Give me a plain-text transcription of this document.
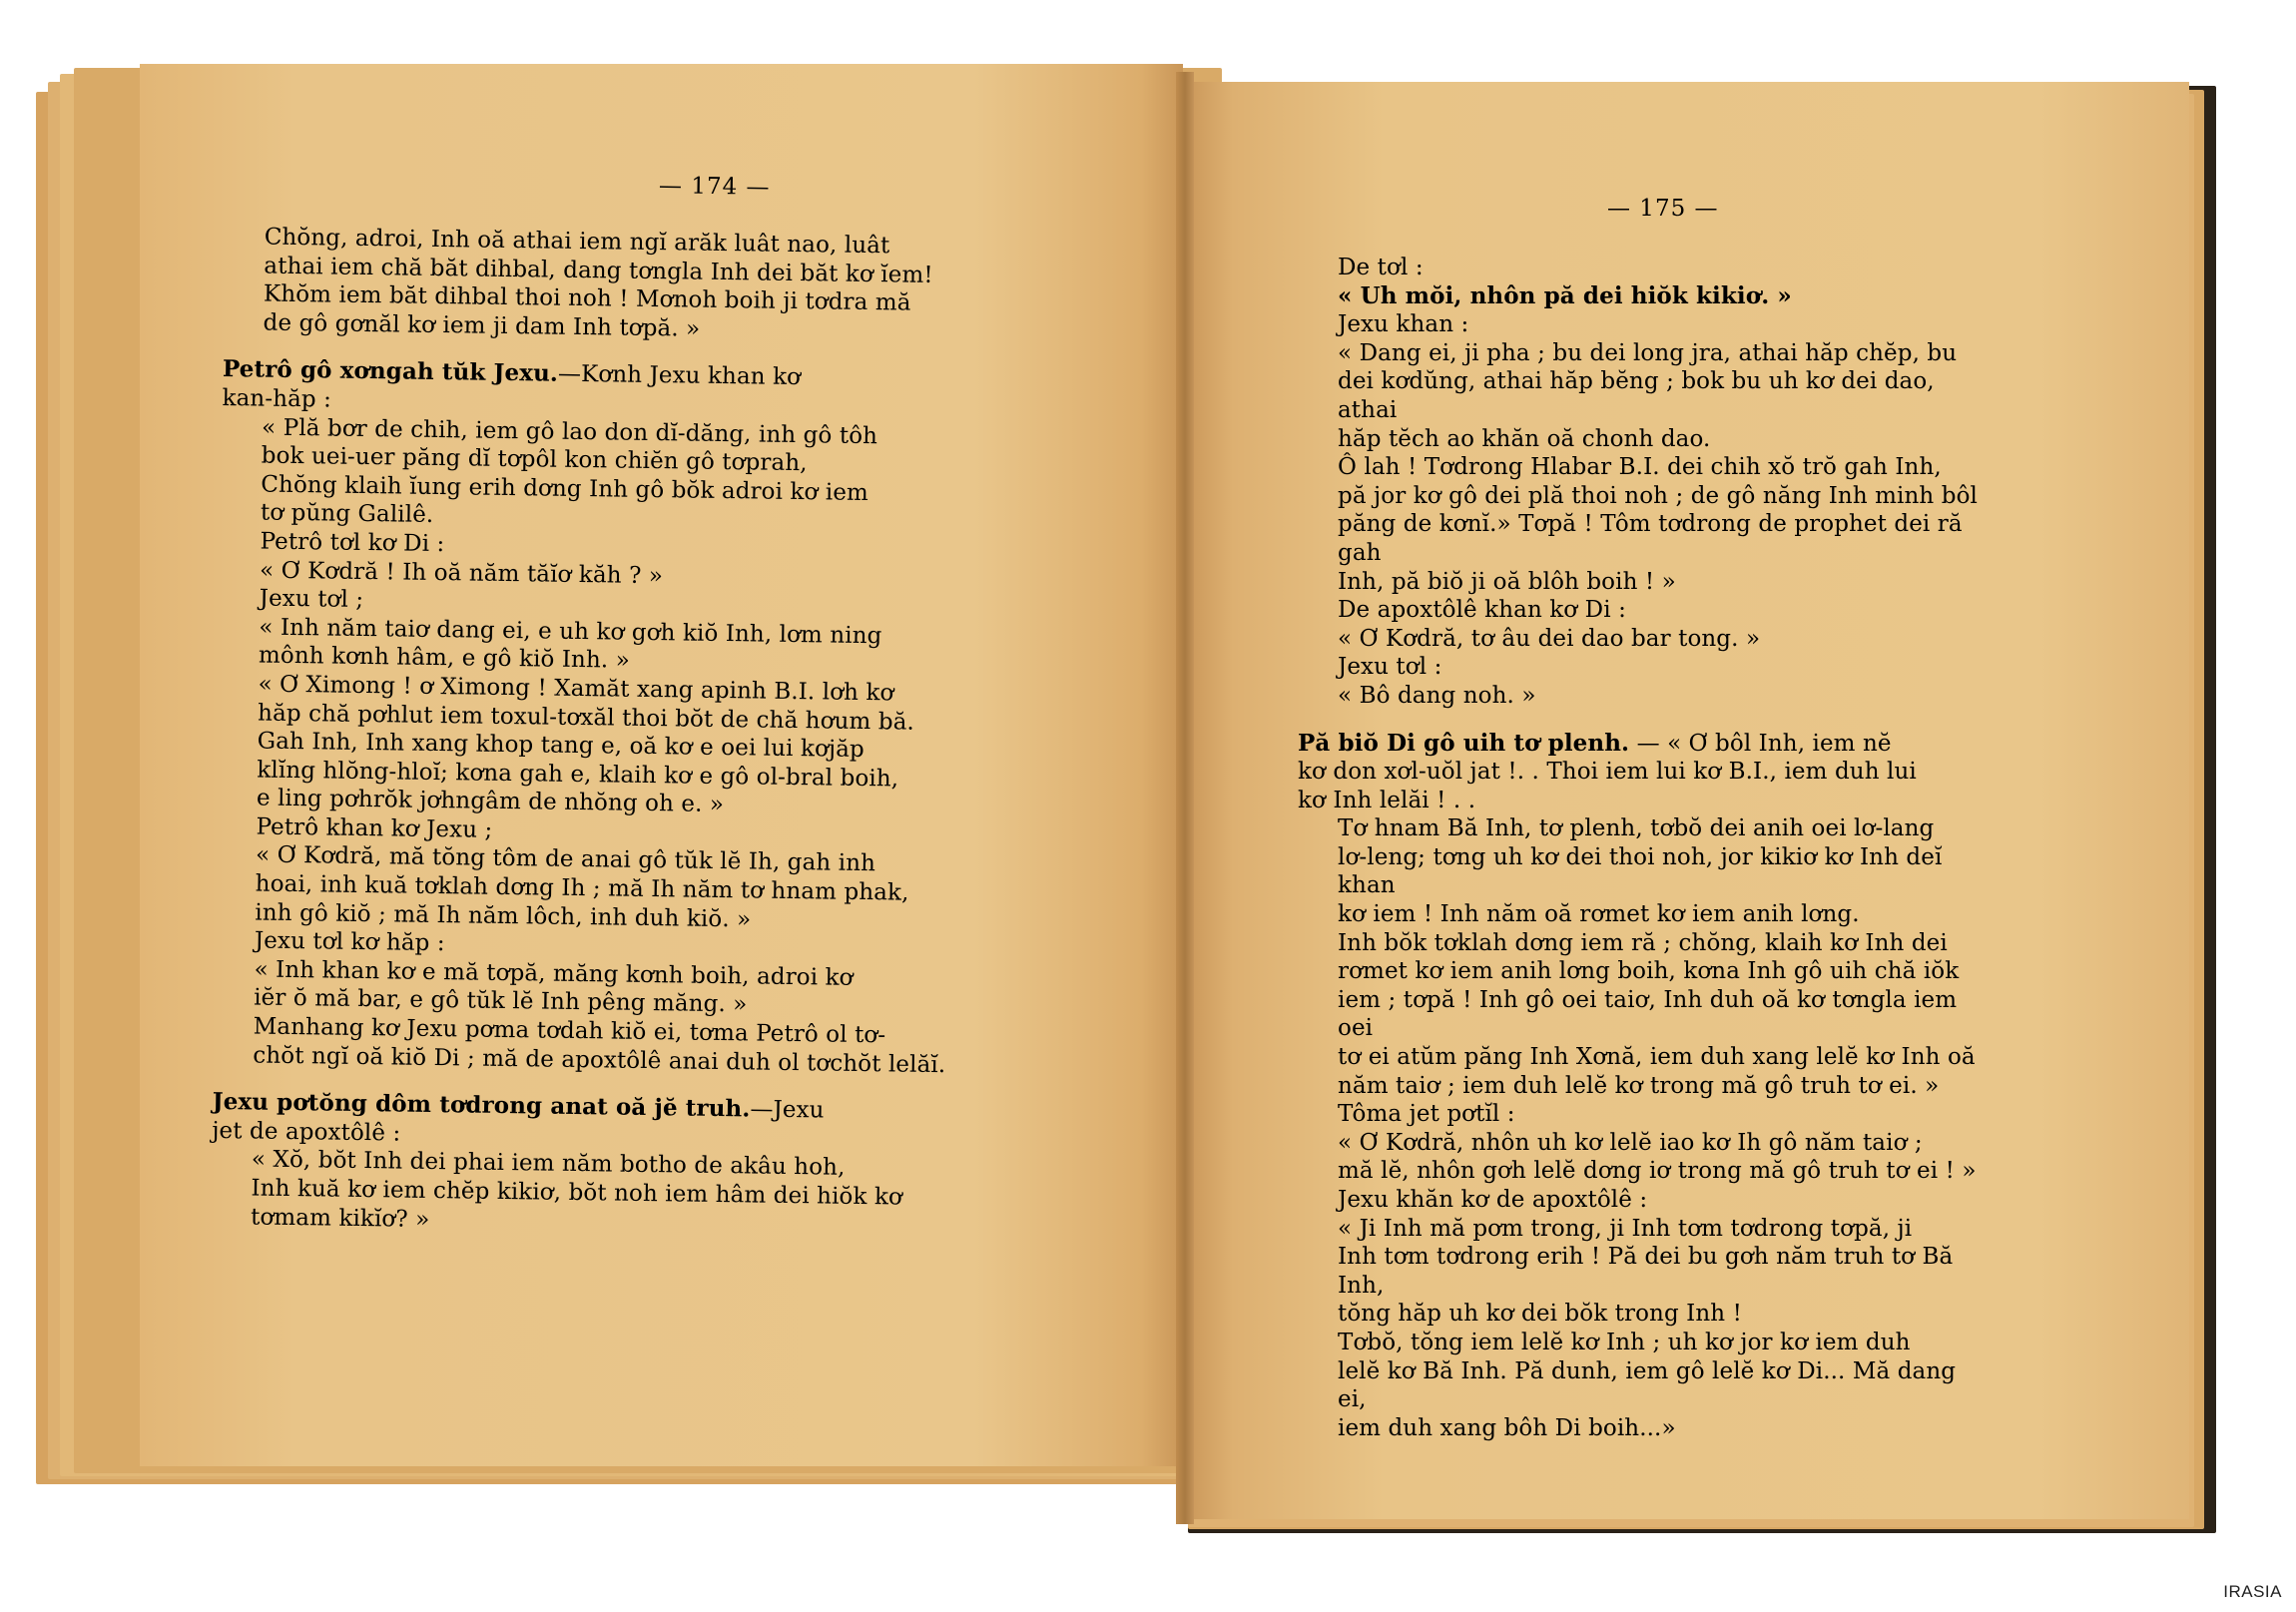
— 174 —
— 175 —

Chŏng, adroi, Inh oă athai iem ngĭ arăk luât nao, luât
athai iem chă băt dihbal, dang tơngla Inh dei băt kơ ĭem!
Khŏm iem băt dihbal thoi noh ! Mơnoh boih ji tơdra mă
de gô gơnăl kơ iem ji dam Inh tơpă. »

Petrô gô xơngah tŭk Jexu.—Kơnh Jexu khan kơ
kan-hăp :

« Plă bơr de chih, iem gô lao don dĭ-dăng, inh gô tôh
bok uei-uer păng dĭ tơpôl kon chiĕn gô tơprah,

Chŏng klaih ĭung erih dơng Inh gô bŏk adroi kơ iem
tơ pŭng Galilê.

Petrô tơl kơ Di :

« Ơ Kơdră ! Ih oă năm tăĭơ kăh ? »

Jexu tơl ;

« Inh năm taiơ dang ei, e uh kơ gơh kiŏ Inh, lơm ning
mônh kơnh hâm, e gô kiŏ Inh. »

« Ơ Ximong ! ơ Ximong ! Xamăt xang apinh B.I. lơh kơ
hăp chă pơhlut iem toxul-tơxăl thoi bŏt de chă hơum bă.

Gah Inh, Inh xang khop tang e, oă kơ e oei lui kơjăp
klĭng hlŏng-hloĭ; kơna gah e, klaih kơ e gô ol-bral boih,
e ling pơhrŏk jơhngâm de nhŏng oh e. »

Petrô khan kơ Jexu ;

« Ơ Kơdră, mă tŏng tôm de anai gô tŭk lĕ Ih, gah inh
hoai, inh kuă tơklah dơng Ih ; mă Ih năm tơ hnam phak,
inh gô kiŏ ; mă Ih năm lôch, inh duh kiŏ. »

Jexu tơl kơ hăp :

« Inh khan kơ e mă tơpă, măng kơnh boih, adroi kơ
iĕr ŏ mă bar, e gô tŭk lĕ Inh pêng măng. »

Manhang kơ Jexu pơma tơdah kiŏ ei, tơma Petrô ol tơ-
chŏt ngĭ oă kiŏ Di ; mă de apoxtôlê anai duh ol tơchŏt lelăĭ.

Jexu pơtŏng dôm tơdrong anat oă jĕ truh.—Jexu
jet de apoxtôlê :

« Xŏ, bŏt Inh dei phai iem năm botho de akâu hoh,
Inh kuă kơ iem chĕp kikiơ, bŏt noh iem hâm dei hiŏk kơ
tơmam kikĭơ? »

De tơl :

« Uh mŏi, nhôn pă dei hiŏk kikiơ. »

Jexu khan :

« Dang ei, ji pha ; bu dei long jra, athai hăp chĕp, bu
dei kơdŭng, athai hăp bĕng ; bok bu uh kơ dei dao, athai
hăp tĕch ao khăn oă chonh dao.

Ô lah ! Tơdrong Hlabar B.I. dei chih xŏ trŏ gah Inh,
pă jor kơ gô dei plă thoi noh ; de gô năng Inh minh bôl
păng de kơnĭ.» Tơpă ! Tôm tơdrong de prophet dei ră gah
Inh, pă biŏ ji oă blôh boih ! »

De apoxtôlê khan kơ Di :

« Ơ Kơdră, tơ âu dei dao bar tong. »

Jexu tơl :

« Bô dang noh. »

Pă biŏ Di gô uih tơ plenh. — « Ơ bôl Inh, iem nĕ
kơ don xơl-uŏl jat !. . Thoi iem lui kơ B.I., iem duh lui
kơ Inh lelăi ! . .

Tơ hnam Bă Inh, tơ plenh, tơbŏ dei anih oei lơ-lang
lơ-leng; tơng uh kơ dei thoi noh, jor kikiơ kơ Inh deĭ khan
kơ iem ! Inh năm oă rơmet kơ iem anih lơng.

Inh bŏk tơklah dơng iem ră ; chŏng, klaih kơ Inh dei
rơmet kơ iem anih lơng boih, kơna Inh gô uih chă iŏk
iem ; tơpă ! Inh gô oei taiơ, Inh duh oă kơ tơngla iem oei
tơ ei atŭm păng Inh Xơnă, iem duh xang lelĕ kơ Inh oă
năm taiơ ; iem duh lelĕ kơ trong mă gô truh tơ ei. »

Tôma jet pơtĭl :

« Ơ Kơdră, nhôn uh kơ lelĕ iao kơ Ih gô năm taiơ ;
mă lĕ, nhôn gơh lelĕ dơng iơ trong mă gô truh tơ ei ! »

Jexu khăn kơ de apoxtôlê :

« Ji Inh mă pơm trong, ji Inh tơm tơdrong tơpă, ji
Inh tơm tơdrong erih ! Pă dei bu gơh năm truh tơ Bă Inh,
tŏng hăp uh kơ dei bŏk trong Inh !

Tơbŏ, tŏng iem lelĕ kơ Inh ; uh kơ jor kơ iem duh
lelĕ kơ Bă Inh. Pă dunh, iem gô lelĕ kơ Di... Mă dang ei,
iem duh xang bôh Di boih...»

IRASIA
